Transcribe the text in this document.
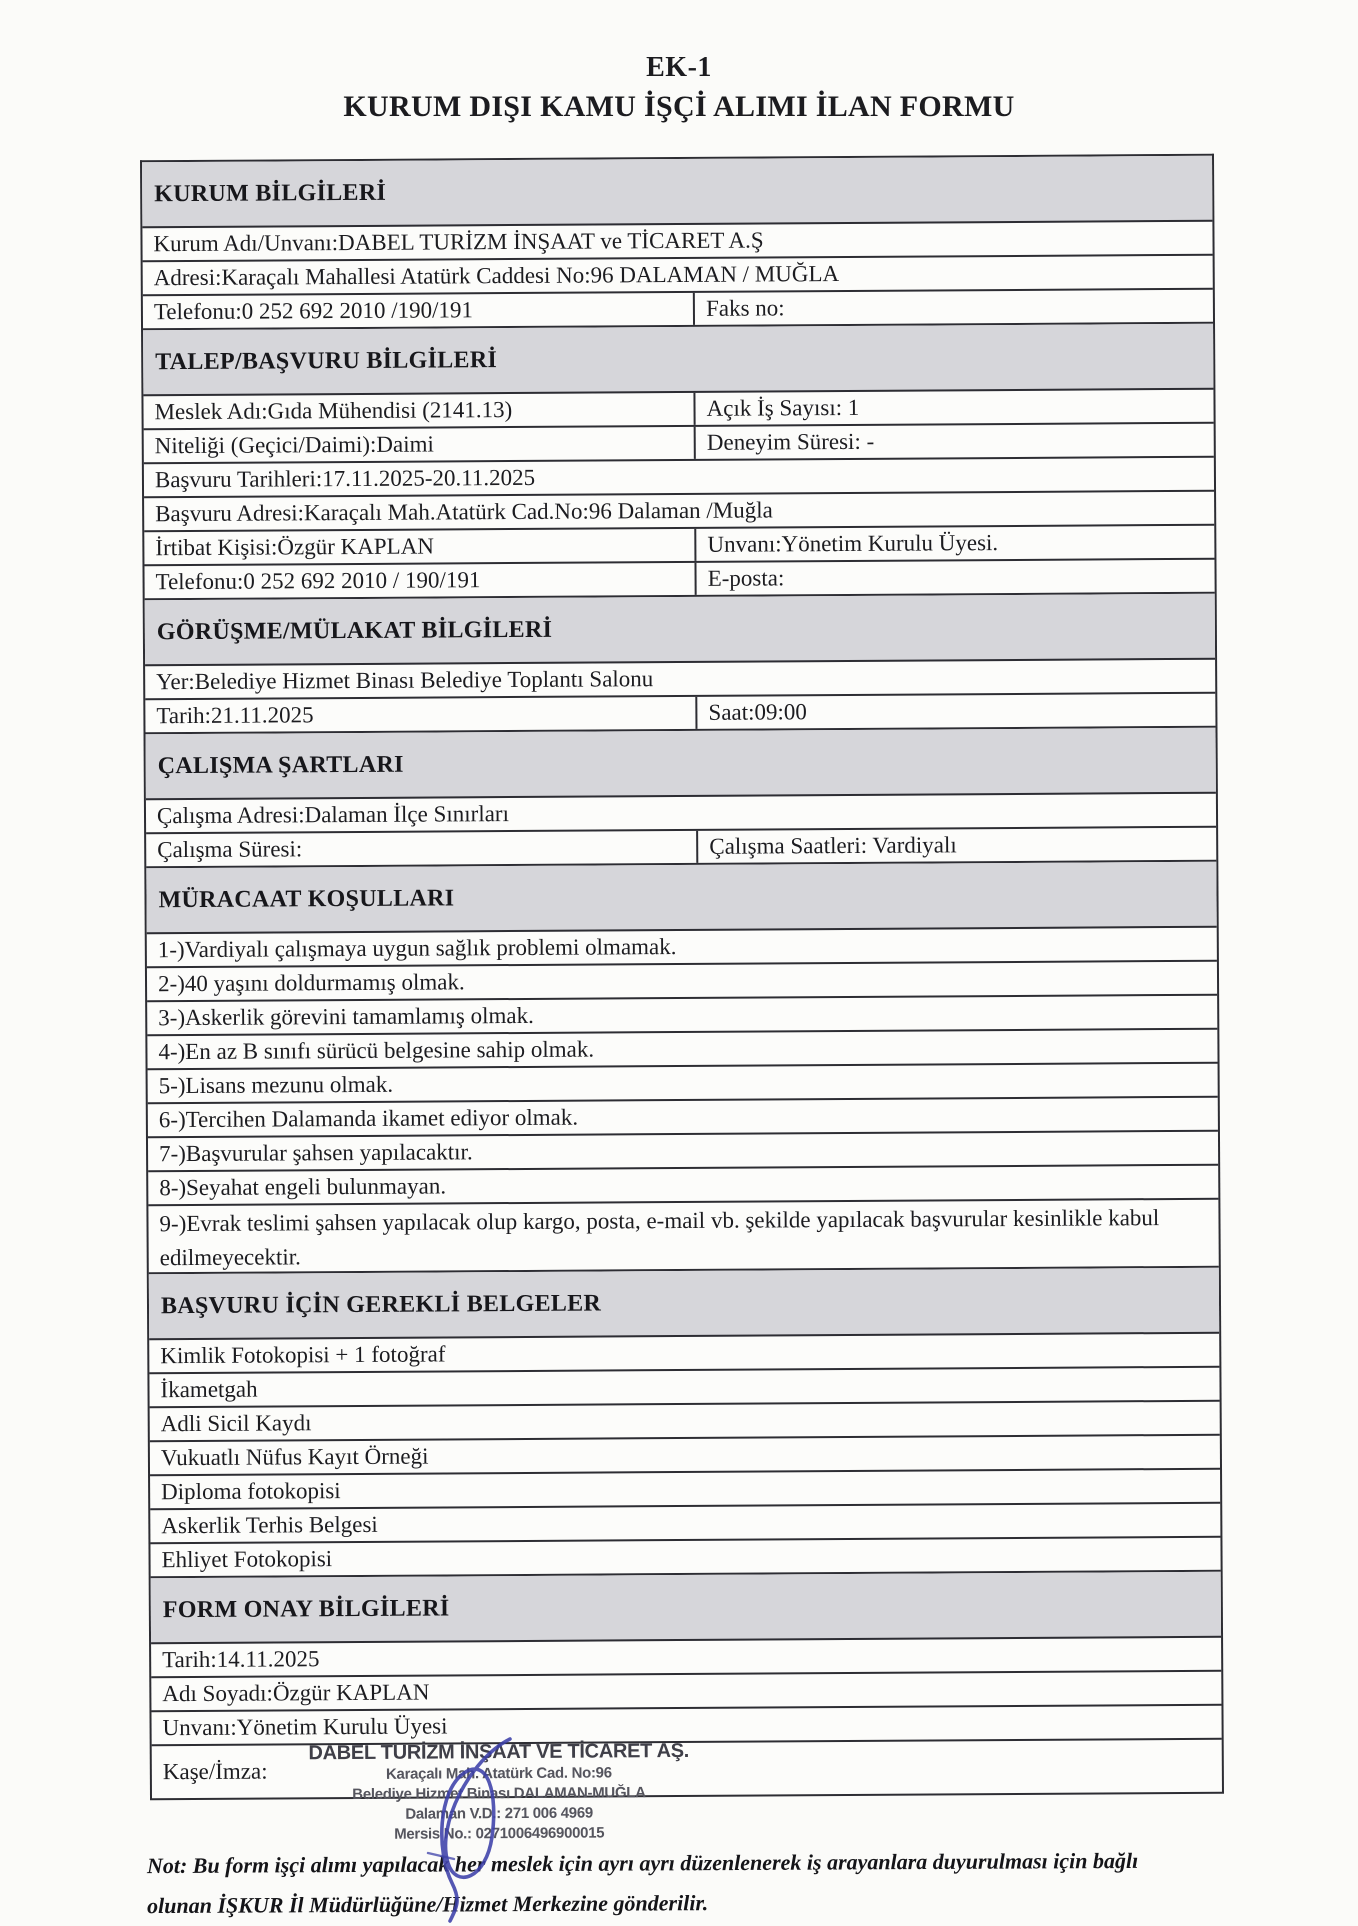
EK-1
KURUM DIŞI KAMU İŞÇİ ALIMI İLAN FORMU
KURUM BİLGİLERİ
Kurum Adı/Unvanı:DABEL TURİZM İNŞAAT ve TİCARET A.Ş
Adresi:Karaçalı Mahallesi Atatürk Caddesi No:96 DALAMAN / MUĞLA
Telefonu:0 252 692 2010 /190/191	Faks no:
TALEP/BAŞVURU BİLGİLERİ
Meslek Adı:Gıda Mühendisi (2141.13)	Açık İş Sayısı: 1
Niteliği (Geçici/Daimi):Daimi	Deneyim Süresi: -
Başvuru Tarihleri:17.11.2025-20.11.2025
Başvuru Adresi:Karaçalı Mah.Atatürk Cad.No:96 Dalaman /Muğla
İrtibat Kişisi:Özgür KAPLAN	Unvanı:Yönetim Kurulu Üyesi.
Telefonu:0 252 692 2010 / 190/191	E-posta:
GÖRÜŞME/MÜLAKAT BİLGİLERİ
Yer:Belediye Hizmet Binası Belediye Toplantı Salonu
Tarih:21.11.2025	Saat:09:00
ÇALIŞMA ŞARTLARI
Çalışma Adresi:Dalaman İlçe Sınırları
Çalışma Süresi:	Çalışma Saatleri: Vardiyalı
MÜRACAAT KOŞULLARI
1-)Vardiyalı çalışmaya uygun sağlık problemi olmamak.
2-)40 yaşını doldurmamış olmak.
3-)Askerlik görevini tamamlamış olmak.
4-)En az B sınıfı sürücü belgesine sahip olmak.
5-)Lisans mezunu olmak.
6-)Tercihen Dalamanda ikamet ediyor olmak.
7-)Başvurular şahsen yapılacaktır.
8-)Seyahat engeli bulunmayan.
9-)Evrak teslimi şahsen yapılacak olup kargo, posta, e-mail vb. şekilde yapılacak başvurular kesinlikle kabul edilmeyecektir.
BAŞVURU İÇİN GEREKLİ BELGELER
Kimlik Fotokopisi + 1 fotoğraf
İkametgah
Adli Sicil Kaydı
Vukuatlı Nüfus Kayıt Örneği
Diploma fotokopisi
Askerlik Terhis Belgesi
Ehliyet Fotokopisi
FORM ONAY BİLGİLERİ
Tarih:14.11.2025
Adı Soyadı:Özgür KAPLAN
Unvanı:Yönetim Kurulu Üyesi
Kaşe/İmza:
DABEL TURİZM İNŞAAT VE TİCARET AŞ.
Karaçalı Mah. Atatürk Cad. No:96
Belediye Hizmet Binası DALAMAN-MUĞLA
Dalaman V.D.: 271 006 4969
Mersis No.: 0271006496900015
Not: Bu form işçi alımı yapılacak her meslek için ayrı ayrı düzenlenerek iş arayanlara duyurulması için bağlı
olunan İŞKUR İl Müdürlüğüne/Hizmet Merkezine gönderilir.
